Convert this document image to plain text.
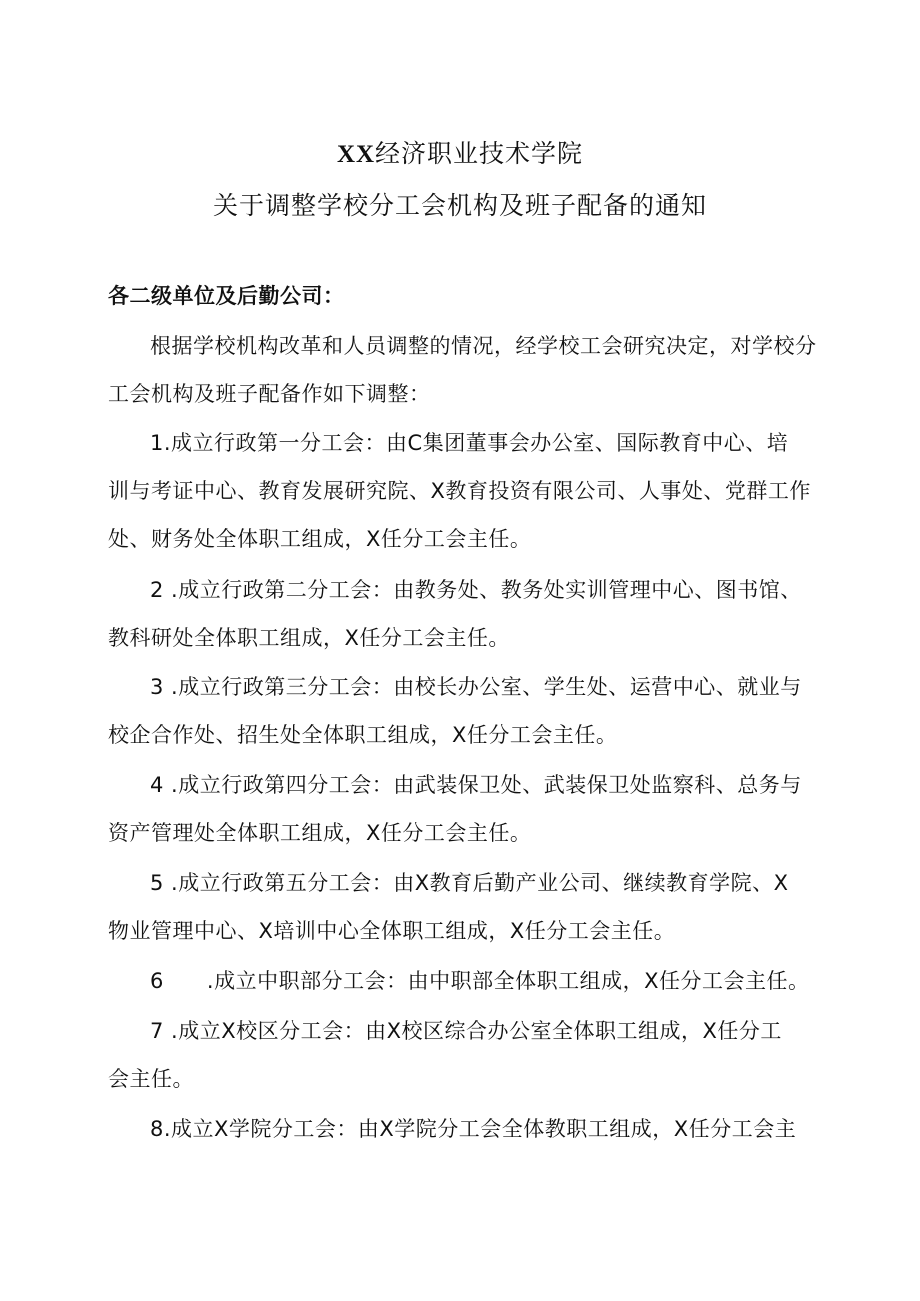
XX经济职业技术学院
关于调整学校分工会机构及班子配备的通知
各二级单位及后勤公司：
根据学校机构改革和人员调整的情况，经学校工会研究决定，对学校分
工会机构及班子配备作如下调整：
1.成立行政第一分工会：由C集团董事会办公室、国际教育中心、培
训与考证中心、教育发展研究院、X教育投资有限公司、人事处、党群工作
处、财务处全体职工组成，X任分工会主任。
2 .成立行政第二分工会：由教务处、教务处实训管理中心、图书馆、
教科研处全体职工组成，X任分工会主任。
3 .成立行政第三分工会：由校长办公室、学生处、运营中心、就业与
校企合作处、招生处全体职工组成，X任分工会主任。
4 .成立行政第四分工会：由武装保卫处、武装保卫处监察科、总务与
资产管理处全体职工组成，X任分工会主任。
5 .成立行政第五分工会：由X教育后勤产业公司、继续教育学院、X
物业管理中心、X培训中心全体职工组成，X任分工会主任。
6      .成立中职部分工会：由中职部全体职工组成，X任分工会主任。
7 .成立X校区分工会：由X校区综合办公室全体职工组成，X任分工
会主任。
8.成立X学院分工会：由X学院分工会全体教职工组成，X任分工会主
